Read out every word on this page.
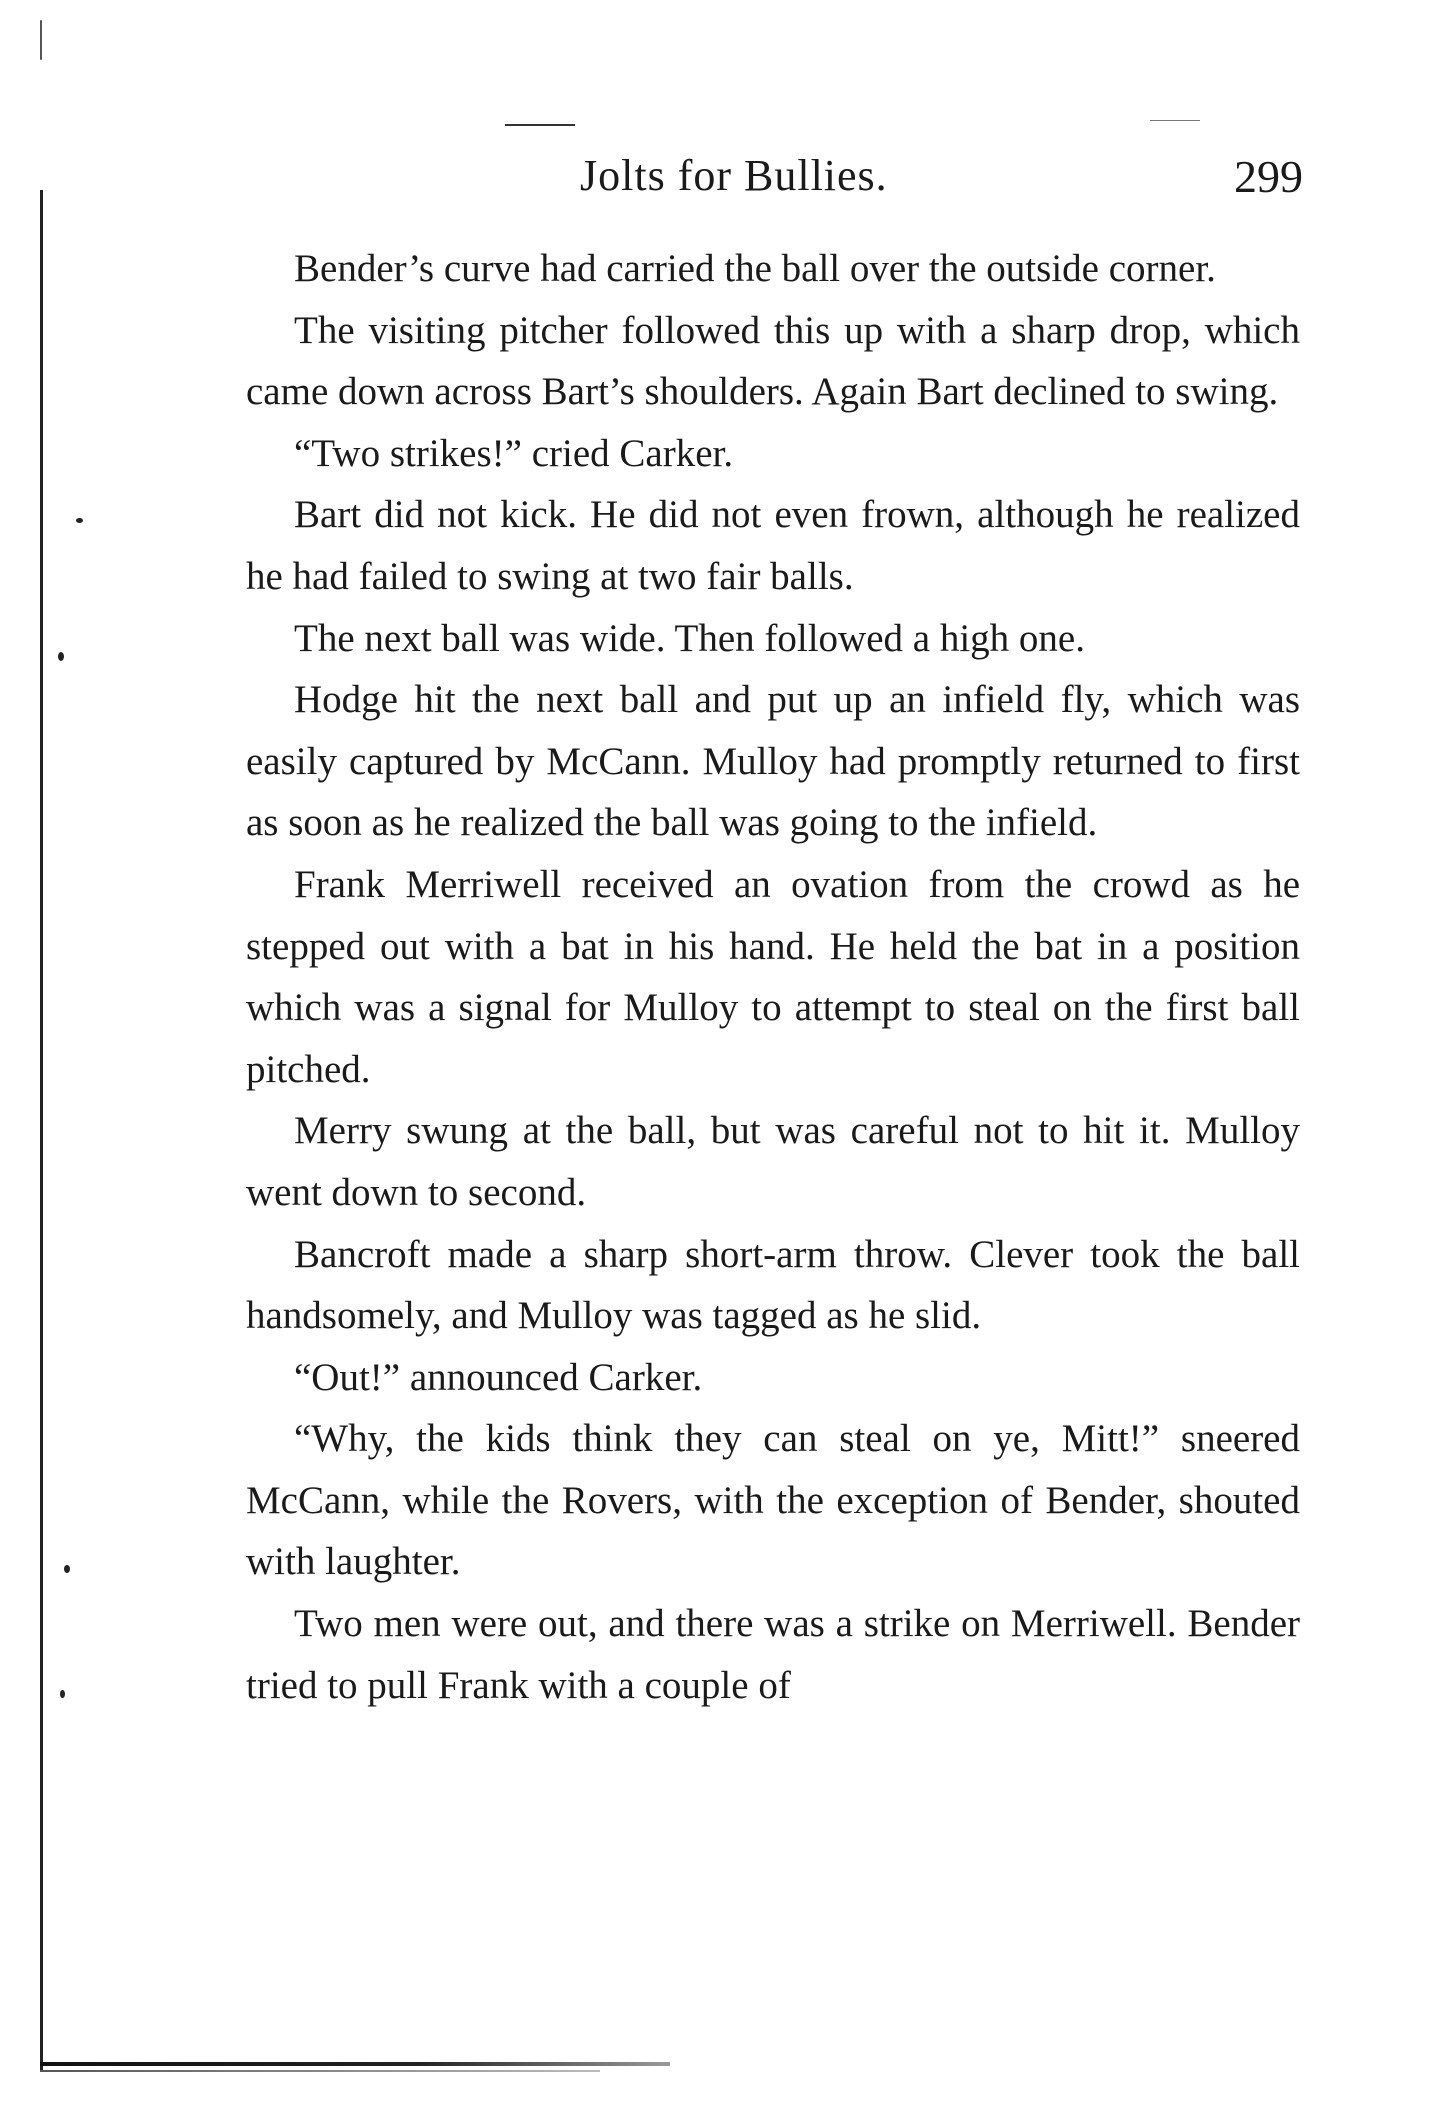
Jolts for Bullies.	299

Bender’s curve had carried the ball over the outside corner.

The visiting pitcher followed this up with a sharp drop, which came down across Bart’s shoulders. Again Bart declined to swing.

“Two strikes!” cried Carker.

Bart did not kick. He did not even frown, although he realized he had failed to swing at two fair balls.

The next ball was wide. Then followed a high one.

Hodge hit the next ball and put up an infield fly, which was easily captured by McCann. Mulloy had promptly returned to first as soon as he realized the ball was going to the infield.

Frank Merriwell received an ovation from the crowd as he stepped out with a bat in his hand. He held the bat in a position which was a signal for Mulloy to attempt to steal on the first ball pitched.

Merry swung at the ball, but was careful not to hit it. Mulloy went down to second.

Bancroft made a sharp short-arm throw. Clever took the ball handsomely, and Mulloy was tagged as he slid.

“Out!” announced Carker.

“Why, the kids think they can steal on ye, Mitt!” sneered McCann, while the Rovers, with the exception of Bender, shouted with laughter.

Two men were out, and there was a strike on Merriwell. Bender tried to pull Frank with a couple of
